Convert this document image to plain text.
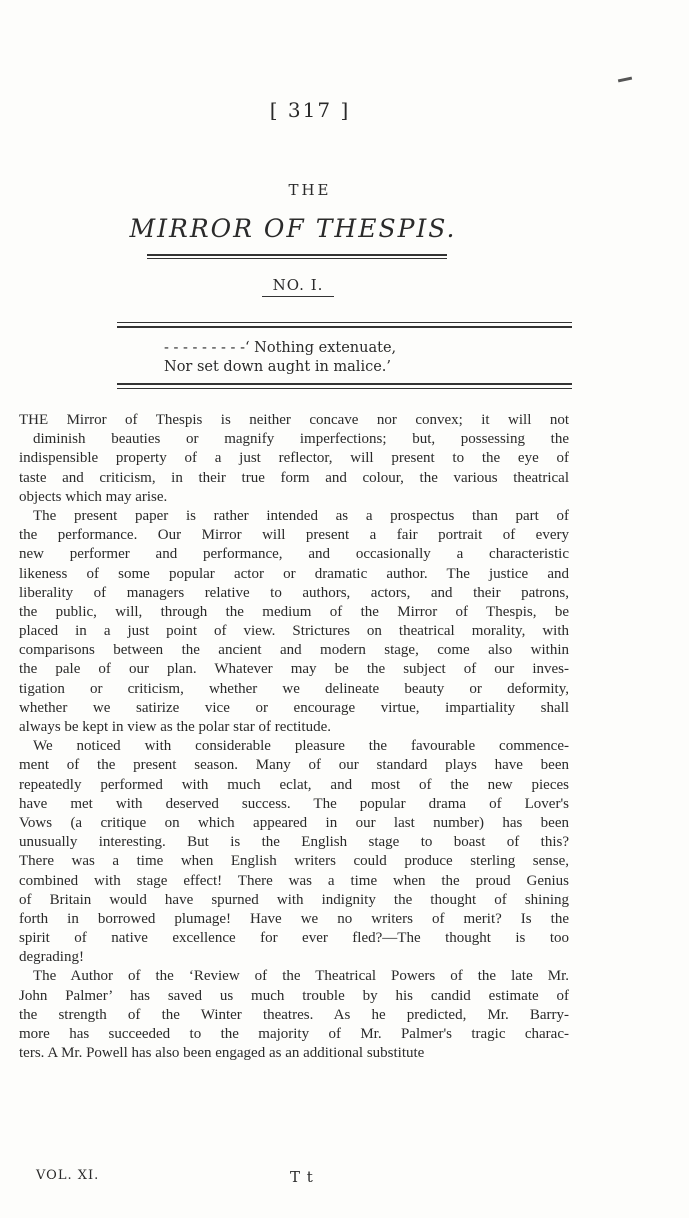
[ 317 ]
THE
MIRROR OF THESPIS.
NO. I.
- - - - - - - - -‘ Nothing extenuate,
Nor set down aught in malice.’
THE Mirror of Thespis is neither concave nor convex; it will not
diminish beauties or magnify imperfections; but, possessing the
indispensible property of a just reflector, will present to the eye of
taste and criticism, in their true form and colour, the various theatrical
objects which may arise.
The present paper is rather intended as a prospectus than part of
the performance. Our Mirror will present a fair portrait of every
new performer and performance, and occasionally a characteristic
likeness of some popular actor or dramatic author. The justice and
liberality of managers relative to authors, actors, and their patrons,
the public, will, through the medium of the Mirror of Thespis, be
placed in a just point of view. Strictures on theatrical morality, with
comparisons between the ancient and modern stage, come also within
the pale of our plan. Whatever may be the subject of our inves-
tigation or criticism, whether we delineate beauty or deformity,
whether we satirize vice or encourage virtue, impartiality shall
always be kept in view as the polar star of rectitude.
We noticed with considerable pleasure the favourable commence-
ment of the present season. Many of our standard plays have been
repeatedly performed with much eclat, and most of the new pieces
have met with deserved success. The popular drama of Lover's
Vows (a critique on which appeared in our last number) has been
unusually interesting. But is the English stage to boast of this?
There was a time when English writers could produce sterling sense,
combined with stage effect! There was a time when the proud Genius
of Britain would have spurned with indignity the thought of shining
forth in borrowed plumage! Have we no writers of merit? Is the
spirit of native excellence for ever fled?—The thought is too
degrading!
The Author of the ‘Review of the Theatrical Powers of the late Mr.
John Palmer’ has saved us much trouble by his candid estimate of
the strength of the Winter theatres. As he predicted, Mr. Barry-
more has succeeded to the majority of Mr. Palmer's tragic charac-
ters. A Mr. Powell has also been engaged as an additional substitute
VOL. XI.	T t
